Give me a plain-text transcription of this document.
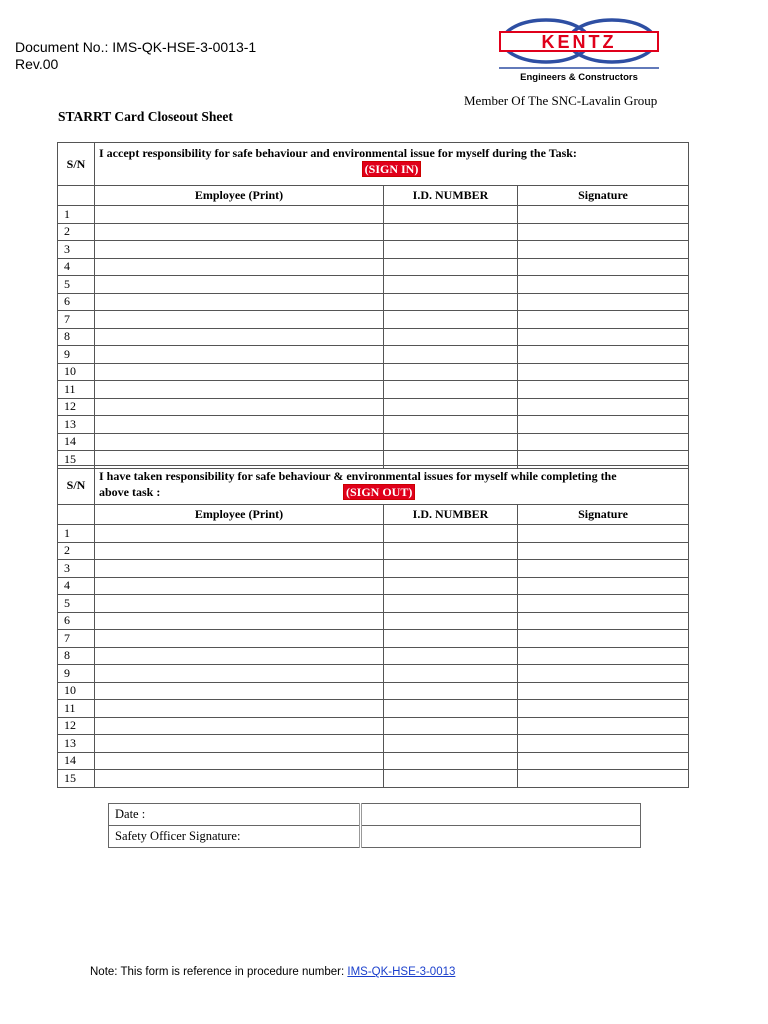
Document No.: IMS-QK-HSE-3-0013-1
Rev.00
KENTZ
Engineers & Constructors
Member Of The SNC-Lavalin Group
STARRT Card Closeout Sheet
S/N	I accept responsibility for safe behaviour and environmental issue for myself during the Task:
(SIGN IN)		

	Employee (Print)	I.D. NUMBER	Signature
1			
2			
3			
4			
5			
6			
7			
8			
9			
10			
11			
12			
13			
14			
15			
S/N	I have taken responsibility for safe behaviour & environmental issues for myself while completing the
above task : (SIGN OUT)		

	Employee (Print)	I.D. NUMBER	Signature
1			
2			
3			
4			
5			
6			
7			
8			
9			
10			
11			
12			
13			
14			
15			
Date :	
Safety Officer Signature:	
Note: This form is reference in procedure number: IMS-QK-HSE-3-0013
